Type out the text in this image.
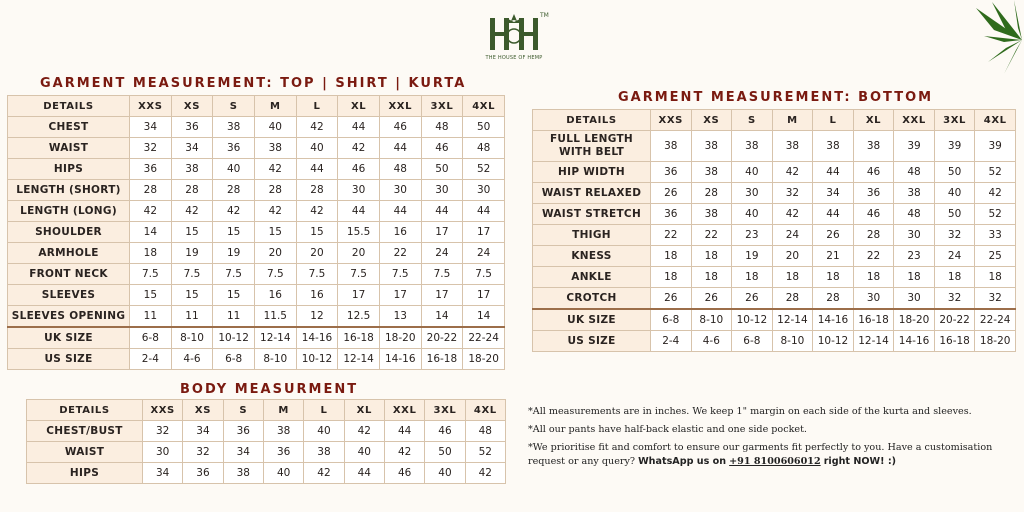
TM
THE HOUSE OF HEMP
GARMENT MEASUREMENT: TOP | SHIRT | KURTA
DETAILS	XXS	XS	S	M	L	XL	XXL	3XL	4XL
CHEST	34	36	38	40	42	44	46	48	50
WAIST	32	34	36	38	40	42	44	46	48
HIPS	36	38	40	42	44	46	48	50	52
LENGTH (SHORT)	28	28	28	28	28	30	30	30	30
LENGTH (LONG)	42	42	42	42	42	44	44	44	44
SHOULDER	14	15	15	15	15	15.5	16	17	17
ARMHOLE	18	19	19	20	20	20	22	24	24
FRONT NECK	7.5	7.5	7.5	7.5	7.5	7.5	7.5	7.5	7.5
SLEEVES	15	15	15	16	16	17	17	17	17
SLEEVES OPENING	11	11	11	11.5	12	12.5	13	14	14
UK SIZE	6-8	8-10	10-12	12-14	14-16	16-18	18-20	20-22	22-24
US SIZE	2-4	4-6	6-8	8-10	10-12	12-14	14-16	16-18	18-20
GARMENT MEASUREMENT: BOTTOM
DETAILS	XXS	XS	S	M	L	XL	XXL	3XL	4XL
FULL LENGTH WITH BELT	38	38	38	38	38	38	39	39	39
HIP WIDTH	36	38	40	42	44	46	48	50	52
WAIST RELAXED	26	28	30	32	34	36	38	40	42
WAIST STRETCH	36	38	40	42	44	46	48	50	52
THIGH	22	22	23	24	26	28	30	32	33
KNESS	18	18	19	20	21	22	23	24	25
ANKLE	18	18	18	18	18	18	18	18	18
CROTCH	26	26	26	28	28	30	30	32	32
UK SIZE	6-8	8-10	10-12	12-14	14-16	16-18	18-20	20-22	22-24
US SIZE	2-4	4-6	6-8	8-10	10-12	12-14	14-16	16-18	18-20
BODY MEASURMENT
DETAILS	XXS	XS	S	M	L	XL	XXL	3XL	4XL
CHEST/BUST	32	34	36	38	40	42	44	46	48
WAIST	30	32	34	36	38	40	42	50	52
HIPS	34	36	38	40	42	44	46	40	42

*All measurements are in inches. We keep 1" margin on each side of the kurta and sleeves.

*All our pants have half-back elastic and one side pocket.

*We prioritise fit and comfort to ensure our garments fit perfectly to you. Have a customisation request or any query? WhatsApp us on +91 8100606012 right NOW! :)
